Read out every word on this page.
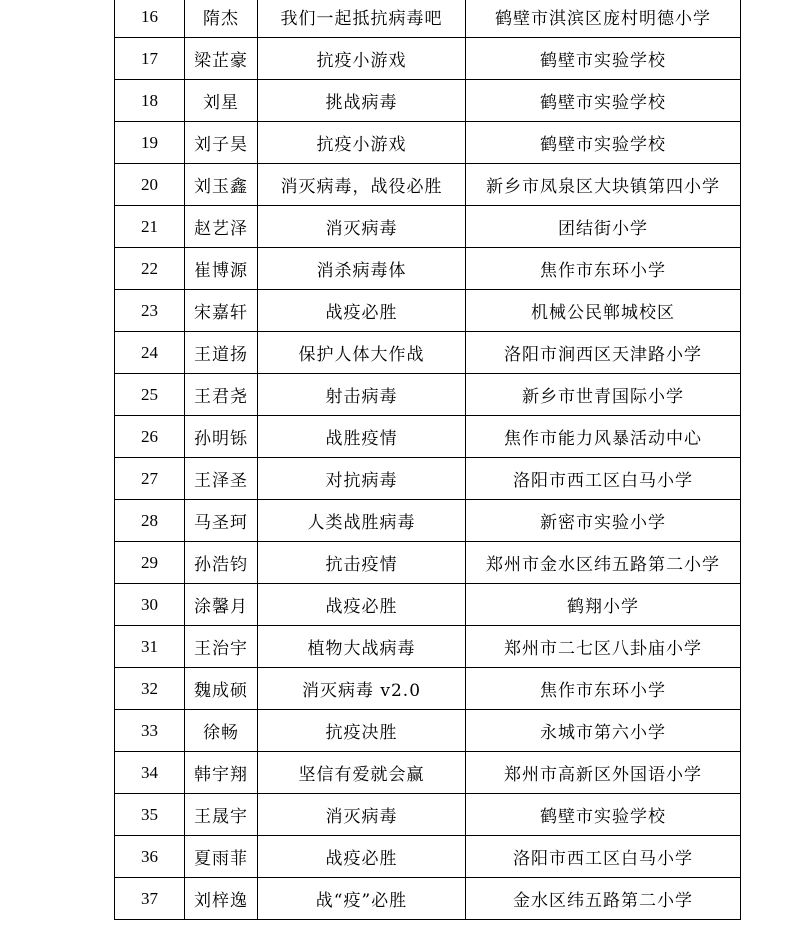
16	隋杰	我们一起抵抗病毒吧	鹤壁市淇滨区庞村明德小学
17	梁芷豪	抗疫小游戏	鹤壁市实验学校
18	刘星	挑战病毒	鹤壁市实验学校
19	刘子昊	抗疫小游戏	鹤壁市实验学校
20	刘玉鑫	消灭病毒，战役必胜	新乡市凤泉区大块镇第四小学
21	赵艺泽	消灭病毒	团结街小学
22	崔博源	消杀病毒体	焦作市东环小学
23	宋嘉轩	战疫必胜	机械公民郸城校区
24	王道扬	保护人体大作战	洛阳市涧西区天津路小学
25	王君尧	射击病毒	新乡市世青国际小学
26	孙明铄	战胜疫情	焦作市能力风暴活动中心
27	王泽圣	对抗病毒	洛阳市西工区白马小学
28	马圣珂	人类战胜病毒	新密市实验小学
29	孙浩钧	抗击疫情	郑州市金水区纬五路第二小学
30	涂馨月	战疫必胜	鹤翔小学
31	王治宇	植物大战病毒	郑州市二七区八卦庙小学
32	魏成硕	消灭病毒 v2.0	焦作市东环小学
33	徐畅	抗疫决胜	永城市第六小学
34	韩宇翔	坚信有爱就会赢	郑州市高新区外国语小学
35	王晟宇	消灭病毒	鹤壁市实验学校
36	夏雨菲	战疫必胜	洛阳市西工区白马小学
37	刘梓逸	战“疫”必胜	金水区纬五路第二小学
